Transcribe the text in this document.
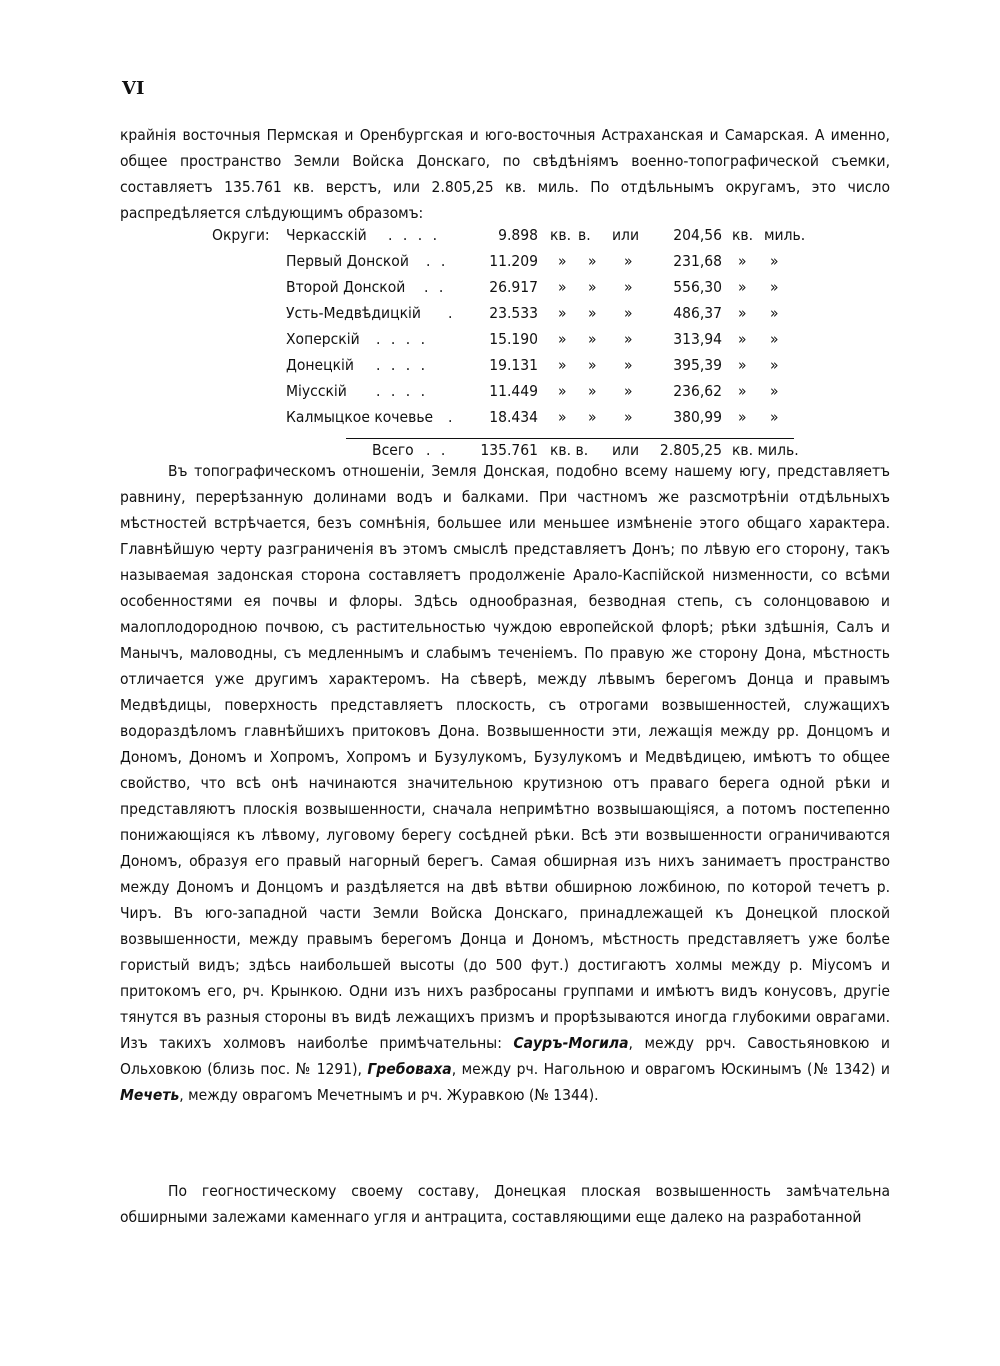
VI

крайнія восточныя Пермская и Оренбургская и юго-восточныя Астраханская и Самарская. А именно, общее пространство Земли Войска Донскаго, по свѣдѣніямъ военно-топографической съемки, составляетъ 135.761 кв. верстъ, или 2.805,25 кв. миль. По отдѣльнымъ округамъ, это число распредѣляется слѣдующимъ образомъ:

Округи: Черкасскій . . . .	9.898 кв. в. или	204,56 кв. миль.
Первый Донской . .	11.209 » » »	231,68 » »
Второй Донской . .	26.917 » » »	556,30 » »
Усть-Медвѣдицкій .	23.533 » » »	486,37 » »
Хоперскій . . . .	15.190 » » »	313,94 » »
Донецкій . . . .	19.131 » » »	395,39 » »
Міусскій . . . .	11.449 » » »	236,62 » »
Калмыцкое кочевье .	18.434 » » »	380,99 » »
Всего . .	135.761 кв. в. или	2.805,25 кв. миль.

Въ топографическомъ отношеніи, Земля Донская, подобно всему нашему югу, представляетъ равнину, перерѣзанную долинами водъ и балками. При частномъ же разсмотрѣніи отдѣльныхъ мѣстностей встрѣчается, безъ сомнѣнія, большее или меньшее измѣненіе этого общаго характера. Главнѣйшую черту разграниченія въ этомъ смыслѣ представляетъ Донъ; по лѣвую его сторону, такъ называемая задонская сторона составляетъ продолженіе Арало-Каспійской низменности, со всѣми особенностями ея почвы и флоры. Здѣсь однообразная, безводная степь, съ солонцовавою и малоплодородною почвою, съ растительностью чуждою европейской флорѣ; рѣки здѣшнія, Салъ и Манычъ, маловодны, съ медленнымъ и слабымъ теченіемъ. По правую же сторону Дона, мѣстность отличается уже другимъ характеромъ. На сѣверѣ, между лѣвымъ берегомъ Донца и правымъ Медвѣдицы, поверхность представляетъ плоскость, съ отрогами возвышенностей, служащихъ водораздѣломъ главнѣйшихъ притоковъ Дона. Возвышенности эти, лежащія между рр. Донцомъ и Дономъ, Дономъ и Хопромъ, Хопромъ и Бузулукомъ, Бузулукомъ и Медвѣдицею, имѣютъ то общее свойство, что всѣ онѣ начинаются значительною крутизною отъ праваго берега одной рѣки и представляютъ плоскія возвышенности, сначала непримѣтно возвышающіяся, а потомъ постепенно понижающіяся къ лѣвому, луговому берегу сосѣдней рѣки. Всѣ эти возвышенности ограничиваются Дономъ, образуя его правый нагорный берегъ. Самая обширная изъ нихъ занимаетъ пространство между Дономъ и Донцомъ и раздѣляется на двѣ вѣтви обширною ложбиною, по которой течетъ р. Чиръ. Въ юго-западной части Земли Войска Донскаго, принадлежащей къ Донецкой плоской возвышенности, между правымъ берегомъ Донца и Дономъ, мѣстность представляетъ уже болѣе гористый видъ; здѣсь наибольшей высоты (до 500 фут.) достигаютъ холмы между р. Міусомъ и притокомъ его, рч. Крынкою. Одни изъ нихъ разбросаны группами и имѣютъ видъ конусовъ, другіе тянутся въ разныя стороны въ видѣ лежащихъ призмъ и прорѣзываются иногда глубокими оврагами. Изъ такихъ холмовъ наиболѣе примѣчательны: Сауръ-Могила, между ррч. Савостьяновкою и Ольховкою (близь пос. № 1291), Гребоваха, между рч. Нагольною и оврагомъ Юскинымъ (№ 1342) и Мечеть, между оврагомъ Мечетнымъ и рч. Журавкою (№ 1344).

По геогностическому своему составу, Донецкая плоская возвышенность замѣчательна обширными залежами каменнаго угля и антрацита, составляющими еще далеко на разработанной
